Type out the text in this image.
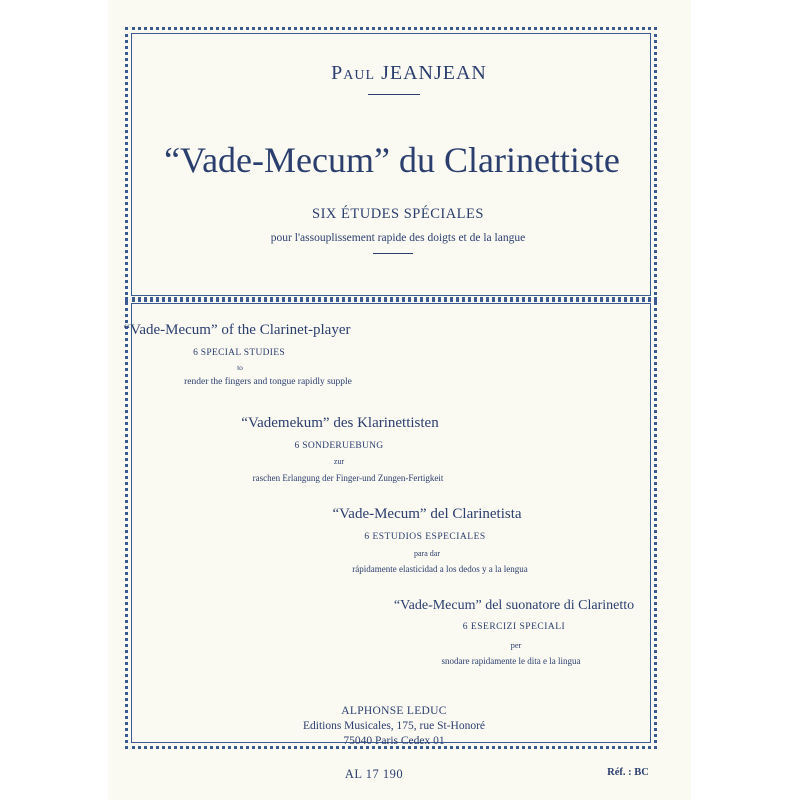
Paul JEANJEAN
“Vade-Mecum” du Clarinettiste
SIX ÉTUDES SPÉCIALES
pour l'assouplissement rapide des doigts et de la langue
“Vade-Mecum” of the Clarinet-player
6 SPECIAL STUDIES
to
render the fingers and tongue rapidly supple
“Vademekum” des Klarinettisten
6 SONDERUEBUNG
zur
raschen Erlangung der Finger-und Zungen-Fertigkeit
“Vade-Mecum” del Clarinetista
6 ESTUDIOS ESPECIALES
para dar
rápidamente elasticidad a los dedos y a la lengua
“Vade-Mecum” del suonatore di Clarinetto
6 ESERCIZI SPECIALI
per
snodare rapidamente le dita e la lingua
ALPHONSE LEDUC
Editions Musicales, 175, rue St-Honoré
75040 Paris Cedex 01
AL 17 190	Réf. : BC
